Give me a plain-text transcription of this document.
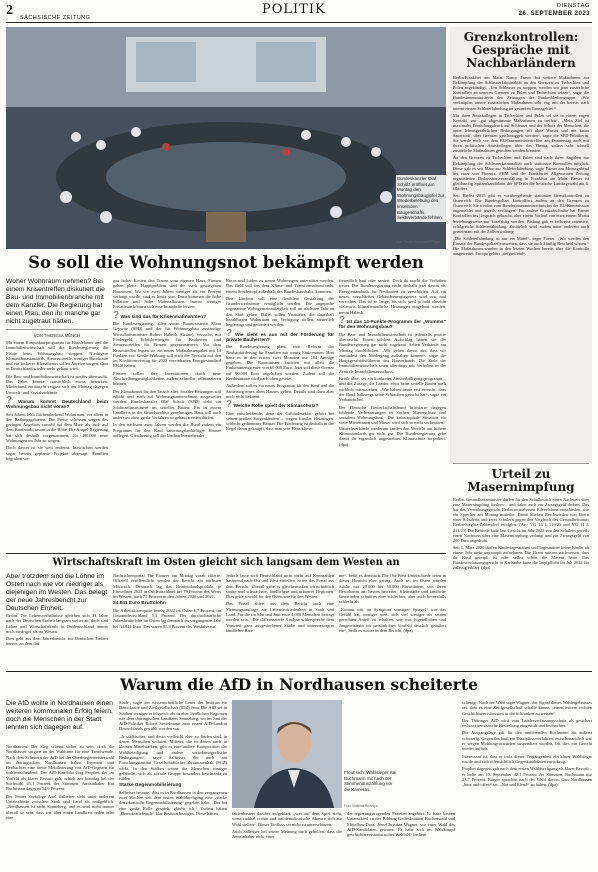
2	POLITIK
SÄCHSISCHE ZEITUNG
DIENSTAG
26. SEPTEMBER 2023
Bundeskanzler Olaf Scholz eröffnet am Montag den Wohnungsbaugipfel zur Wiederbelebung des kriselnden Baugeschäfts. Sektsverbände fehlten.
Foto: Tobias Schwarz/AFP/dpa
Grenzkontrollen: Gespräche mit Nachbarländern

Berlin/Frankfurt am Main. Nancy Faeser hat weitere Maßnahmen zur Bekämpfung der Schleuserkriminalität an den Grenzen zu Tschechien und Polen angekündigt. „Um Schleuser zu stoppen, werden wir jetzt zusätzliche Kontrollen an unseren Grenzen zu Polen und Tschechien setzen“, sagte die Bundesinnenministerin den Zeitungen der Funke-Mediengruppe. „Wir verknüpfen unsere zusätzlichen Maßnahmen sehr eng mit der bereits stark intensivierten Schleierfahndung im gesamten Grenzgebiet.“

Mit ihren Amtskollegen in Tschechien und Polen sei sie in einem engen Kontakt, um „gut abgestimmte Maßnahmen zu treffen“. „Mein Ziel ist maximaler Ermittlungsdruck auf Schleuser und der Schutz der Menschen, die unter lebensgefährlichen Bedingungen, oft ohne Wasser und mit kaum Sauerstoff, über Grenzen geschmuggelt werden“, sagte die SPD-Politikerin. Sie werde noch vor dem EU-Innenministertreffen am Donnerstag auch mit ihren politischen Amtskollegen über das Thema, sodass sehr schnell zusätzliche Maßnahmen getroffen werden könnten.

An den Grenzen zu Tschechien und Polen sind nach ihren Angaben zur Bekämpfung der Schleuserkriminalität auch stationäre Kontrollen möglich. Diese gab es seit März zur Schleierfahndung, sagte Faeser am Montagabend bei einer von Phoenix, FHM und der Frankfurter Allgemeinen Zeitung organisierten Diskussionsveranstaltung in Frankfurt am Main. Faeser ist gleichzeitig Spitzenkandidatin der SPD für die hessische Landtagswahl am 8. Oktober.

Seit Herbst 2015 gibt es vorübergehende stationäre Grenzkontrollen zu Österreich. Die Bundespolizei kontrolliert zudem an den Grenzen zu Österreich. Sie werden vom Bundesinnenministerium bei der EU-Kommission angemeldet und jeweils verlängert. Für andere Grenzabschnitte hat Faeser Kontrollen ins Gespräch gebracht, aber einem Vorlauf von etwa einem Monat beziehungsweise nur kurzfristig werden. Bislang gab es teilweise intensive, erfolgreiche Schleierfahndung. Zusätzlich wird zudem unter anderem auch gemeinsam mit der Zollverwaltung.

„Die Schleierfahndung ist nur ein Mittel“, sagte Faeser. „Wir werden den Einsatz der Bundespolizei ausweiten, dass sie auch künftig Bescheid wissen.“ Die Maßnahmen wurden in den letzten Wochen bereits über die Kontrolle ausgeweitet. Europa gehört „tiefgreifend“.

Urteil zu Masernimpfung

Berlin. Gesundheitsminister dürfen für den Schulbesuch einen Nachweis über eine Masernimpfung fordern – und dabei auch ein Zwangsgeld drohen. Das hat das Verwaltungsgericht Berlin in mehreren Eilverfahren entschieden, wie ein Sprecher am Montag mitteilte. Damit blieben Beschwerden von Eltern einer Schülerin und zwei Schülern gegen den Vergleich des Gesundheitsamts Berlin-Steglitz-Zehlendorf erfolglos. (Az.: VG 14 L 219/23 und VG 14 L 231/23) Die Behörde hatte laut Gericht im Jahr 2022 von den Schülern jeweils einen Nachweis über eine Masernimpfung verlangt und ein Zwangsgeld von 200 Euro angedroht.

Seit 1. März 2020 dürfen Kindertagesstätten und Tagesmütter keine Kinder ab einem Jahr mehr ungeimpft aufnehmen. Die Eltern müssen nachweisen, dass ihr Kind geimpft ist oder selbst schon die Masern hatte. Das Bundesverfassungsgericht in Karlsruhe hatte die Impfpflicht im Juli 2022 für zulässig erklärt. (dpa)

So soll die Wohnungsnot bekämpft werden
Woher Wohnraum nehmen? Bei einem Krisentreffen diskutiert die Bau- und Immobilienbranche mit dem Kanzler. Die Regierung hat einen Plan, den ihr manche gar nicht zugetraut hätten.
VON THERESA MÜNCH

Mit einem Konjunkturprogramm für Häuslebauer und die Immobilienwirtschaft will die Bundesregierung die Flaute beim Wohnungsbau stoppen. Niedrigere Klimaschutzstandards, Steuervorteile, weniger Bürokratie und ein lockerer Klimabonus sollen Anreize sorgen, dass in Deutschland wieder mehr gebaut wird.

Die Bau- und Immobilienwirtschaft ist positiv überrascht. Das Paket könnte »tatsächlich etwas bewirken. Mieterbund enttäuscht zeigten sich am Montag dagegen Umwelt- und Sozialverbände.

? Warum kommt Deutschland beim Wohnungsbau nicht voran?

Seit Jahren fehlt flächendeckend Wohnraum, vor allem in den Ballungsgebieten. Die Preise schossen wegen des geringen Angebots zuwohl auf dem Miet- als auch auf dem Kaufmarkt rasant in die Höhe. Die Ampel-Regierung hat sich deshalb vorgenommen, für 400.000 neue Wohnungen im Jahr zu sorgen.

Doch davon ist sie weit entfernt. Inzwischen werden sogar bereits geplante Projekte abgesagt. Familien begraben we-

gen hoher Kosten den Traum vom eigenen Haus. Firmen gehen pleite. Hauptproblem sind die stark gestiegenen Bauzinsen. Wo vor zwei Jahren weniger als ein Prozent verlangt wurde, sind es heute vier. Dazu kommen die hohe Inflation und hohe Materialkosten. Immer weniger Privatleute können sich eine Immobilie leisten.

? Was sind das für Krisenmaßnahmen?

Die Bundesregierung, allen voran Bauministerin Klara Geywitz (SPD) und der für Wohnungsbau zuständige Wirtschaftsminister Robert Habeck (Grüne), versucht, mit Fördergeld, Erleichterungen für Bauherren und Steuervorteilen für Firmen gegenzusteuern. Vor dem Krisentreffen legten sie ein neues Maßnahmenpaket mit 14 Punkten vor. Große Wirkung soll etwa der Verzicht auf den im Koalitionsvertrag für 2025 vereinbarten Energiestandard EH40 haben.

Firmen sollen ihre Investitionen durch neue Abschreibungsmöglichkeiten zudem schneller refinanzieren können.

Der Klimabonus für den Tausch alter, fossiler Heizungen soll erhöht und auch auf Wohnungsunternehmen ausgeweitet werden. Bundeskanzler Olaf Scholz (SPD) sieht ein Schlüsselinstrument im serielles Bauen: Ein in einem Landkreis in der Grundstruktur genehmigtes Haus soll auch anderswo ohne große Verfahren so gebaut werden dürfen.

In den nächsten zwei Jahren werden die Bund zudem ein Programm für den Kauf sanierungsbedürftiger Häuser auflegen. Gleichzeitig soll der Umbau leerstehender

Büros und Läden zu neuen Wohnungen unterstützt werden. Das Geld soll aus dem Klima- und Transformationsfonds, einem Sondertopf außerhalb des Bundeshaushalts, kommen.

Den Ländern soll eine flexiblere Gestaltung der Grunderwerbsteuer ermöglicht werden. Die angepeilte sogenannte Wohngemeinnützigkeit soll im nächsten Jahr an den Start gehen. Dabei sollen Vermieter, die dauerhaft bezahlbaren Wohnraum zur Verfügung stellen, steuerlich begünstigt und gefördert werden.

? Wie sieht es aus mit der Förderung für private Bauherren?

Die Bundesregierung plant eine Reform der Neubauförderung für Familien mit wenig Einkommen. Hier hatte es in den ersten zwei Monaten nur 104 Anträge gegeben. Die Bauminister kritisiert nur allzu die Einkommensgrenze von 60.000 Euro. Jetzt soll diese Grenze auf 90.000 Euro angehoben werden. Zudem soll die Kreditsumme wird nach oben gesetzt.

Außerdem soll es ein neues Programm für den Kauf und die Sanierung eines alten Hauses geben. Details sind dazu aber noch nicht bekannt.

? Welche Rolle spielt der Klimaschutz?

Eine entscheidende, denn der Gebäudesektor gehört bei seinen großen Sorgenkindern – wegen fossiler Heizungen, schlecht gedämmter Häuser. Die Förderung ist deshalb in der Regel daran geknüpft, dass man sein Haus klima-

freundlich baut oder saniert. Doch da macht die Vorhaben treuer. Die Bundesregierung rückt deshalb jetzt davon ab, Energiestandards für Neubauten zu verschärfen. Auf ein neues, verschärftes Gebäudeenergiegesetz wird erst mal verzichtet. Das ist so lange, bis sich, weil ja bald ohnehin vielerorts klimafreundliche Heizungen eingebaut werden, meint Habeck.

? Ist das 14-Punkte-Programm der „Wumms“ für den Wohnungsbau?

Die Bau- und Immobilienwirtschaft ist jedenfalls positiv überrascht. Einen solchen Aufschlag hätten sie der Bundesregierung gar nicht zugetraut. Selten Verbände am Montag durchblicken. „Wir gehen davon aus, dass wir zumindest den Niedergang aufhalten können“, sagte die Hauptgeschäftsführerin des Bauverbands. Die Ziele der Immobilienwirtschaft seien allerdings mit Verhalten in der Zentrale Immobilienausschuss.

Kritik übte, sei ein konkretes Zinsverbilligungsprogramm – und die Zusage, die Länder, etwa beim serielle Bauen auch wirklich mitzuziehen. „Wir haben heute erst erreicht, dass der Rand halbwegs seine Schrauben gesucht hat“, sagte ein Verbandschef.

Der Deutsche Gewerkschaftsbund kritisierte dagegen fehlende Verbesserungen in Sachen Mieterschutz und sozialem Wohnungsbau. „Die katastrophale Situation für viele Mieterinnen und Mieter wird sich so nicht verbessern.“ Umweltverbände wiederum fanden den Verzicht auf höhere Klimastandards gar nicht gut. Die Bundesregierung gebe damit ihr eigentlich angestrebtes Klimaschutz torpediert. (dpa)

Wirtschaftskraft im Osten gleicht sich langsam dem Westen an
Aber trotzdem sind die Löhne im Osten nach wie vor niedriger als diejenigen im Westen. Das belegt der neue Jahresbericht zur Deutschen Einheit.

Berlin. Die Lebensverhältnisse gleichen sich 33 Jahre nach der Deutschen Einheit langsam weiter an, doch sind Löhne und Wirtschaftskraft in Ostdeutschland immer noch niedriger als im Westen.

Dies geht aus dem Jahresbericht zur Deutschen Einheit hervor, an dem das

Nachrichtenportal The Pioneer am Montag vorab zitierte. Offiziell veröffentlicht werden der Bericht am nächsten Mittwoch. Demnach lag das Bruttoinlandsprodukt je Einwohner 2022 in Ostdeutschland bei 79 Prozent des Werts im Westen, nach 77 Prozent in den Jahren 2020 und 2021.

34.841 Euro Bruttolohn

Die Arbeitslosenquote betrug 2022 im Osten 6,7 Prozent, im Gesamtdeutschland 5,3 Prozent. Der durchschnittliche Jahresbruttolohn im Osten lag demnach im vergangenen Jahr bei 34.841 Euro. Das waren 85,9 Prozent des Westniveaus.

Jedoch lasse sich Deutschland nicht mehr auf Kennzahlen basierend nach Ost und West einteilen, zitiert das Portal aus dem Bericht. Überall gebe es gleichermaßen wirtschaftlich starke und schwächere, ländlichere und urbanere Regionen. Dies gelte sowohl für den Osten wie für den Westen.

Das Portal zitiert aus dem Bericht auch eine Meinungsumfrage zur Lebenszufriedenheit in Stadt und Land. Für die im Mai und Juni etwa 4.000 Menschen befragt worden sein. „Die differenzierte Analyse widerspreche dem Vorurteil ganz ausgestorbener Städte und unterversorgter ländlicher Räu-

me“, heißt es demnach. Die Ost-West-Unterschiede seien in dieser Hinsicht eher gering. Auch sei im Osten würden Städte mit 20.000 bis 50.000 Einwohnern von ihren Bewohnern am besten bewertet. Kleinstädte und ländliche Gemeinden schnitten eher schlechter, aber auch keinesfalls schlecht ab.

„Kommt tritt im Symptom sonstiger Spiegel“ war das Gefühl hat, weniger wert, sich viel weniger als seinen gerechten Anteil zu erhalten, wie mit Jugendlichen und Jungmeisterin im persönlichen Umfeld deutlich geäußert ein“, heißt es weiter in dem Bericht. (dpa)

Warum die AfD in Nordhausen scheiterte
Die AfD wollte in Nordhausen einen weiteren kommunalen Erfolg feiern, doch die Menschen in der Stadt lehnten sich dagegen auf.

Nordhausen. Der Sieg scheint sicher zu sein, doch die Nordhäuser sorgten an der Wahlurne für eine Trendwende. Nach dem Scheitern der AfD bei der Oberbürgermeisterwahl im thüringischen Nordhausen haben Experten und Beobachter eine breite Mobilisierung von AfD-Gegnern für wahlentscheidend. Der AfD-Kandidat Jörg Prophet, der im Vorfeld als klarer Favorit galt, erhielt am Sonntag bei der Stichwahl 45,1 Prozent der Stimmen. Amtsinhaber Kai Buchmann dagegen 54,9 Prozent.

Der Jenaer Soziologe Axel Salheiser sieht unter anderem Unterschiede zwischen Stadt und Land als maßgeblich. „Nordhausen ist nicht Sonneberg, und es wird nicht immer überall so sein, dass wir über einen Landkreis reden oder eine

Stadt“, sagte der wissenschaftliche Leiter des Instituts für Demokratie und Zivilgesellschaft (IDZ) Jena. Die AfD sei in Städten weniger erfolgreich als in eher ländlichen Regionen wie dem thüringischen Landkreis Sonneberg, wo im Juni der AfD-Politiker Robert Sesselmann zum ersten AfD-Landrat Deutschlands gewählt worden war.

„Je städtischer, und desto vielleicht eher zu finden sind, in denen Menschen wohnen, Milieus, die in denen auch in kleinen Mittelstädten, gibt es eine andere Komposition der Wahlbeteiligung und andere soziodemografische Bedingungen“, sagte Salheiser, der auch am Forschungsinstitut Gesellschaftlicher Zusammenhalt (FGZ) wirkt. In den Städten wären die Menschen weniger gefährdet, sich als soziale Gruppe besonders beschränkt zu fühlen.

Starke Gegenmobilisierung

Salheiser betonte, dass es in Nordhausen in den vergangenen zwei Wochen seit dem ersten Wahldurchgang eine „starke demokratische Gegenmobilisierung“ gegeben habe. „Das hat eine große Rolle gespielt, glaube ich.“ Zudem hätten „Demokratiefeinde“ klar Position bezogen. Diese hätten

Freut sich: Wahlsieger Kai Buchmann mit nach der Stimmenauszählung vor die Kameras.
Foto: Matthias Bein/dpa

faktenbasiert darüber aufgeklärt, „was auf dem Spiel steht, wenn radikal rechte und antidemokratische Akteure sich zur Wahl stellen“. Dieser Einfluss sei nicht zu unterschätzen.

Auch Salheiser bei seiner Meinung nach geholfen, dass der Amtsinhaber nicht einer

der regierungstragenden Parteien angehört. Er hatte keinen Unterschied zu der Bildung Gedenkstätten Buchenwald und Mittelbau-Dora, Jens-Christian Wagner, vor einer Wahl des AfD-Kandidaten gewarnt. Er habe sich im Wahlkampf geschichtsrevisionistisches Weltbild“ bedient.

schenigt. Nach der Wahl sagte Wagner, das Signal dieses Wahlergebnisses sei, dass es eine Zivilgesellschaft schaffe könne, „einen extrem rechten Geschichtsrevisionisten in die Schranken zu weisen“.

Der Thüringer AfD wird vom Landesverfassungsschutz als gesichert rechtsextremistische Bestrebung eingestuft und beobachtet.

Die Ausgangslage gilt für den amtierenden Buchmann als äußerst schwierig. Gegen ihn läuft ein Disziplinarverfahren, zwischenzeitlich war er wegen Mobbingvorwürfen suspendiert worden, bis dies ein Gericht wieder aufhob.

Interessant ist, dass er trotz dieser Vergangenheit ein klarer Wahlsieger wurde und sich offensichtlich Gegenkandidaten zurückzog.

Prophet dagegen galt nach dem ersten Wahldurchgang als klarer Favorit – er holte am 10. September 42,1 Prozent der Stimmen, Buchmann nur 23,7 Prozent. Bürger sprachen nach der Wahl davon, dass Nordhausen „bunt und offen“ sei, „Not und Elend“ zu haben. (dpa)
